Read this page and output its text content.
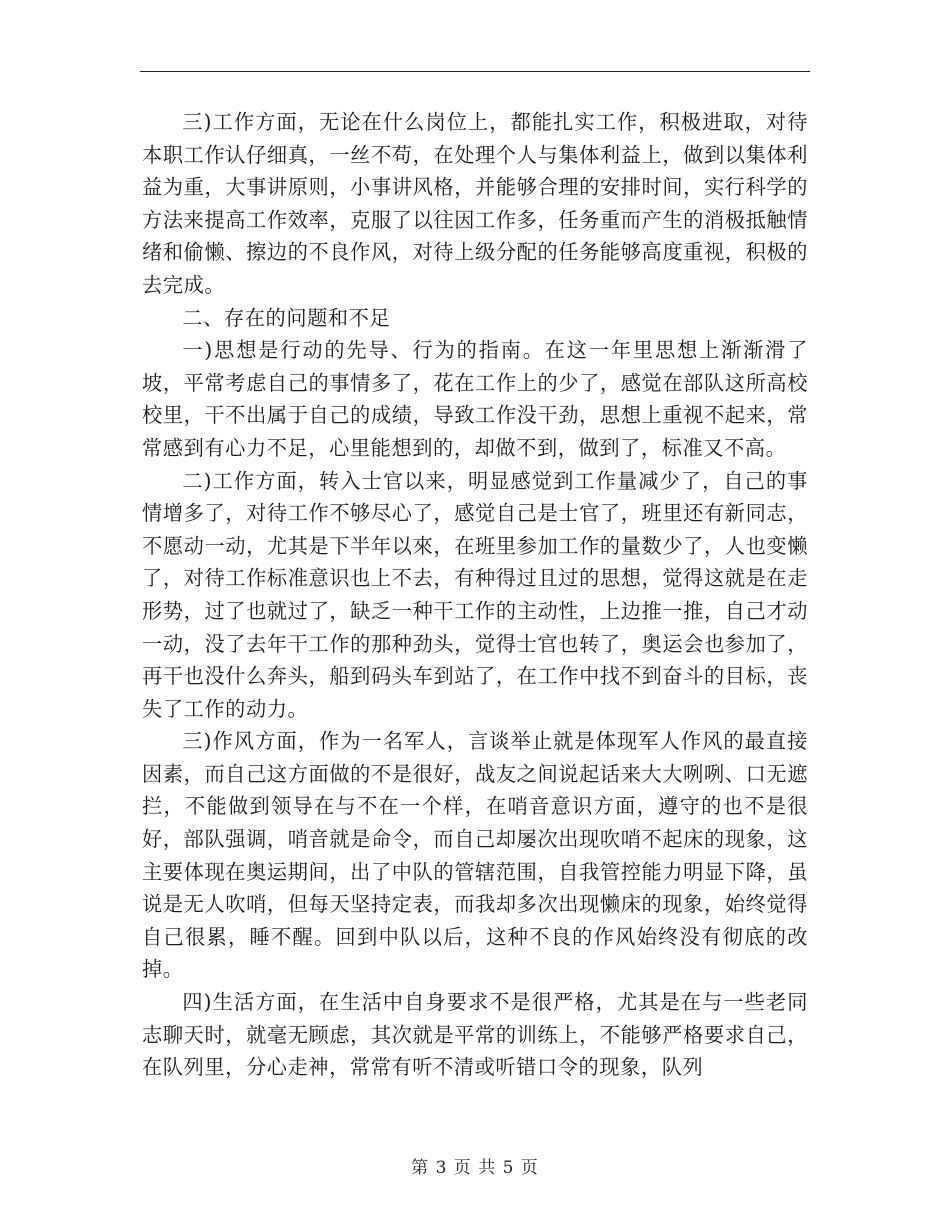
三)工作方面，无论在什么岗位上，都能扎实工作，积极进取，对待本职工作认仔细真，一丝不苟，在处理个人与集体利益上，做到以集体利益为重，大事讲原则，小事讲风格，并能够合理的安排时间，实行科学的方法来提高工作效率，克服了以往因工作多，任务重而产生的消极抵触情绪和偷懒、擦边的不良作风，对待上级分配的任务能够高度重视，积极的去完成。

二、存在的问题和不足

一)思想是行动的先导、行为的指南。在这一年里思想上渐渐滑了坡，平常考虑自己的事情多了，花在工作上的少了，感觉在部队这所高校校里，干不出属于自己的成绩，导致工作没干劲，思想上重视不起来，常常感到有心力不足，心里能想到的，却做不到，做到了，标准又不高。

二)工作方面，转入士官以来，明显感觉到工作量减少了，自己的事情增多了，对待工作不够尽心了，感觉自己是士官了，班里还有新同志，不愿动一动，尤其是下半年以來，在班里参加工作的量数少了，人也变懒了，对待工作标准意识也上不去，有种得过且过的思想，觉得这就是在走形势，过了也就过了，缺乏一种干工作的主动性，上边推一推，自己才动一动，没了去年干工作的那种劲头，觉得士官也转了，奥运会也参加了，再干也没什么奔头，船到码头车到站了，在工作中找不到奋斗的目标，丧失了工作的动力。

三)作风方面，作为一名军人，言谈举止就是体现军人作风的最直接因素，而自己这方面做的不是很好，战友之间说起话来大大咧咧、口无遮拦，不能做到领导在与不在一个样，在哨音意识方面，遵守的也不是很好，部队强调，哨音就是命令，而自己却屡次出现吹哨不起床的现象，这主要体现在奥运期间，出了中队的管辖范围，自我管控能力明显下降，虽说是无人吹哨，但每天坚持定表，而我却多次出现懒床的现象，始终觉得自己很累，睡不醒。回到中队以后，这种不良的作风始终没有彻底的改掉。

四)生活方面，在生活中自身要求不是很严格，尤其是在与一些老同志聊天时，就毫无顾虑，其次就是平常的训练上，不能够严格要求自己，在队列里，分心走神，常常有听不清或听错口令的现象，队列

第 3 页 共 5 页
